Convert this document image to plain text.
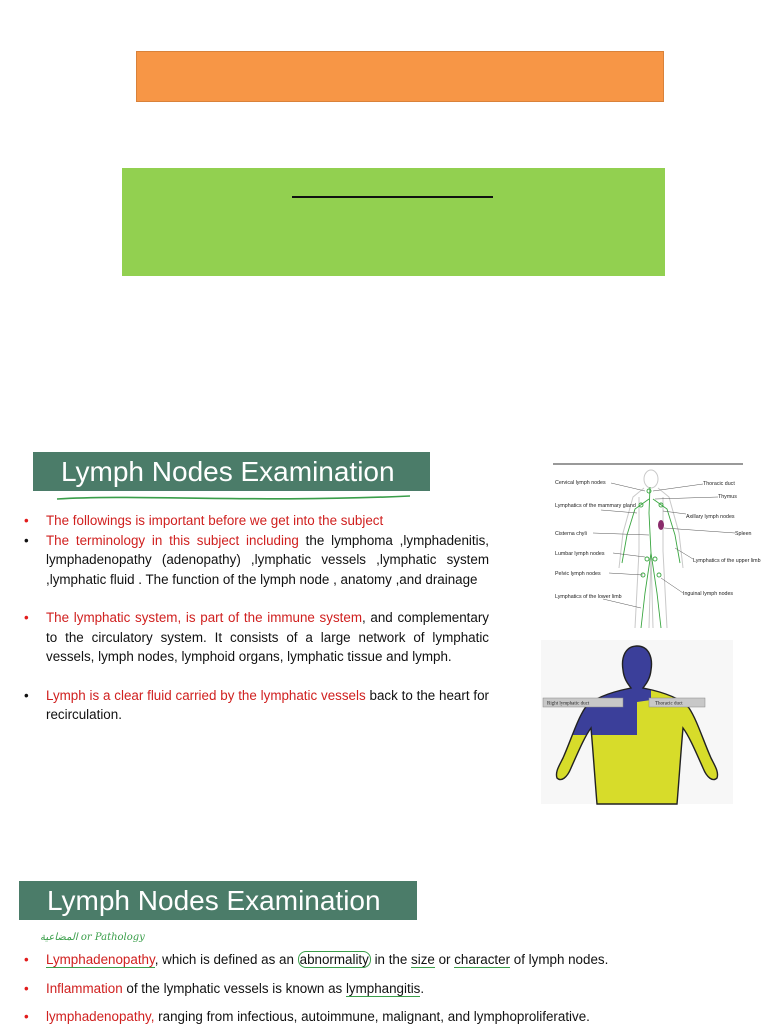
Lymph Nodes Examination
• The followings is important before we get into the subject
• The terminology in this subject including the lymphoma ,lymphadenitis, lymphadenopathy (adenopathy) ,lymphatic vessels ,lymphatic system ,lymphatic fluid . The function of the lymph node , anatomy ,and drainage
• The lymphatic system, is part of the immune system, and complementary to the circulatory system. It consists of a large network of lymphatic vessels, lymph nodes, lymphoid organs, lymphatic tissue and lymph.
• Lymph is a clear fluid carried by the lymphatic vessels back to the heart for recirculation.
Cervical lymph nodes
Lymphatics of the mammary gland
Cisterna chyli
Lumbar lymph nodes
Pelvic lymph nodes
Lymphatics of the lower limb
Thoracic duct
Thymus
Axillary lymph nodes
Spleen
Lymphatics of the upper limb
Inguinal lymph nodes
Right lymphatic duct	Thoracic duct
Lymph Nodes Examination
المضاعية or Pathology
• Lymphadenopathy, which is defined as an abnormality in the size or character of lymph nodes.
• Inflammation of the lymphatic vessels is known as lymphangitis.
• lymphadenopathy, ranging from infectious, autoimmune, malignant, and lymphoproliferative.
